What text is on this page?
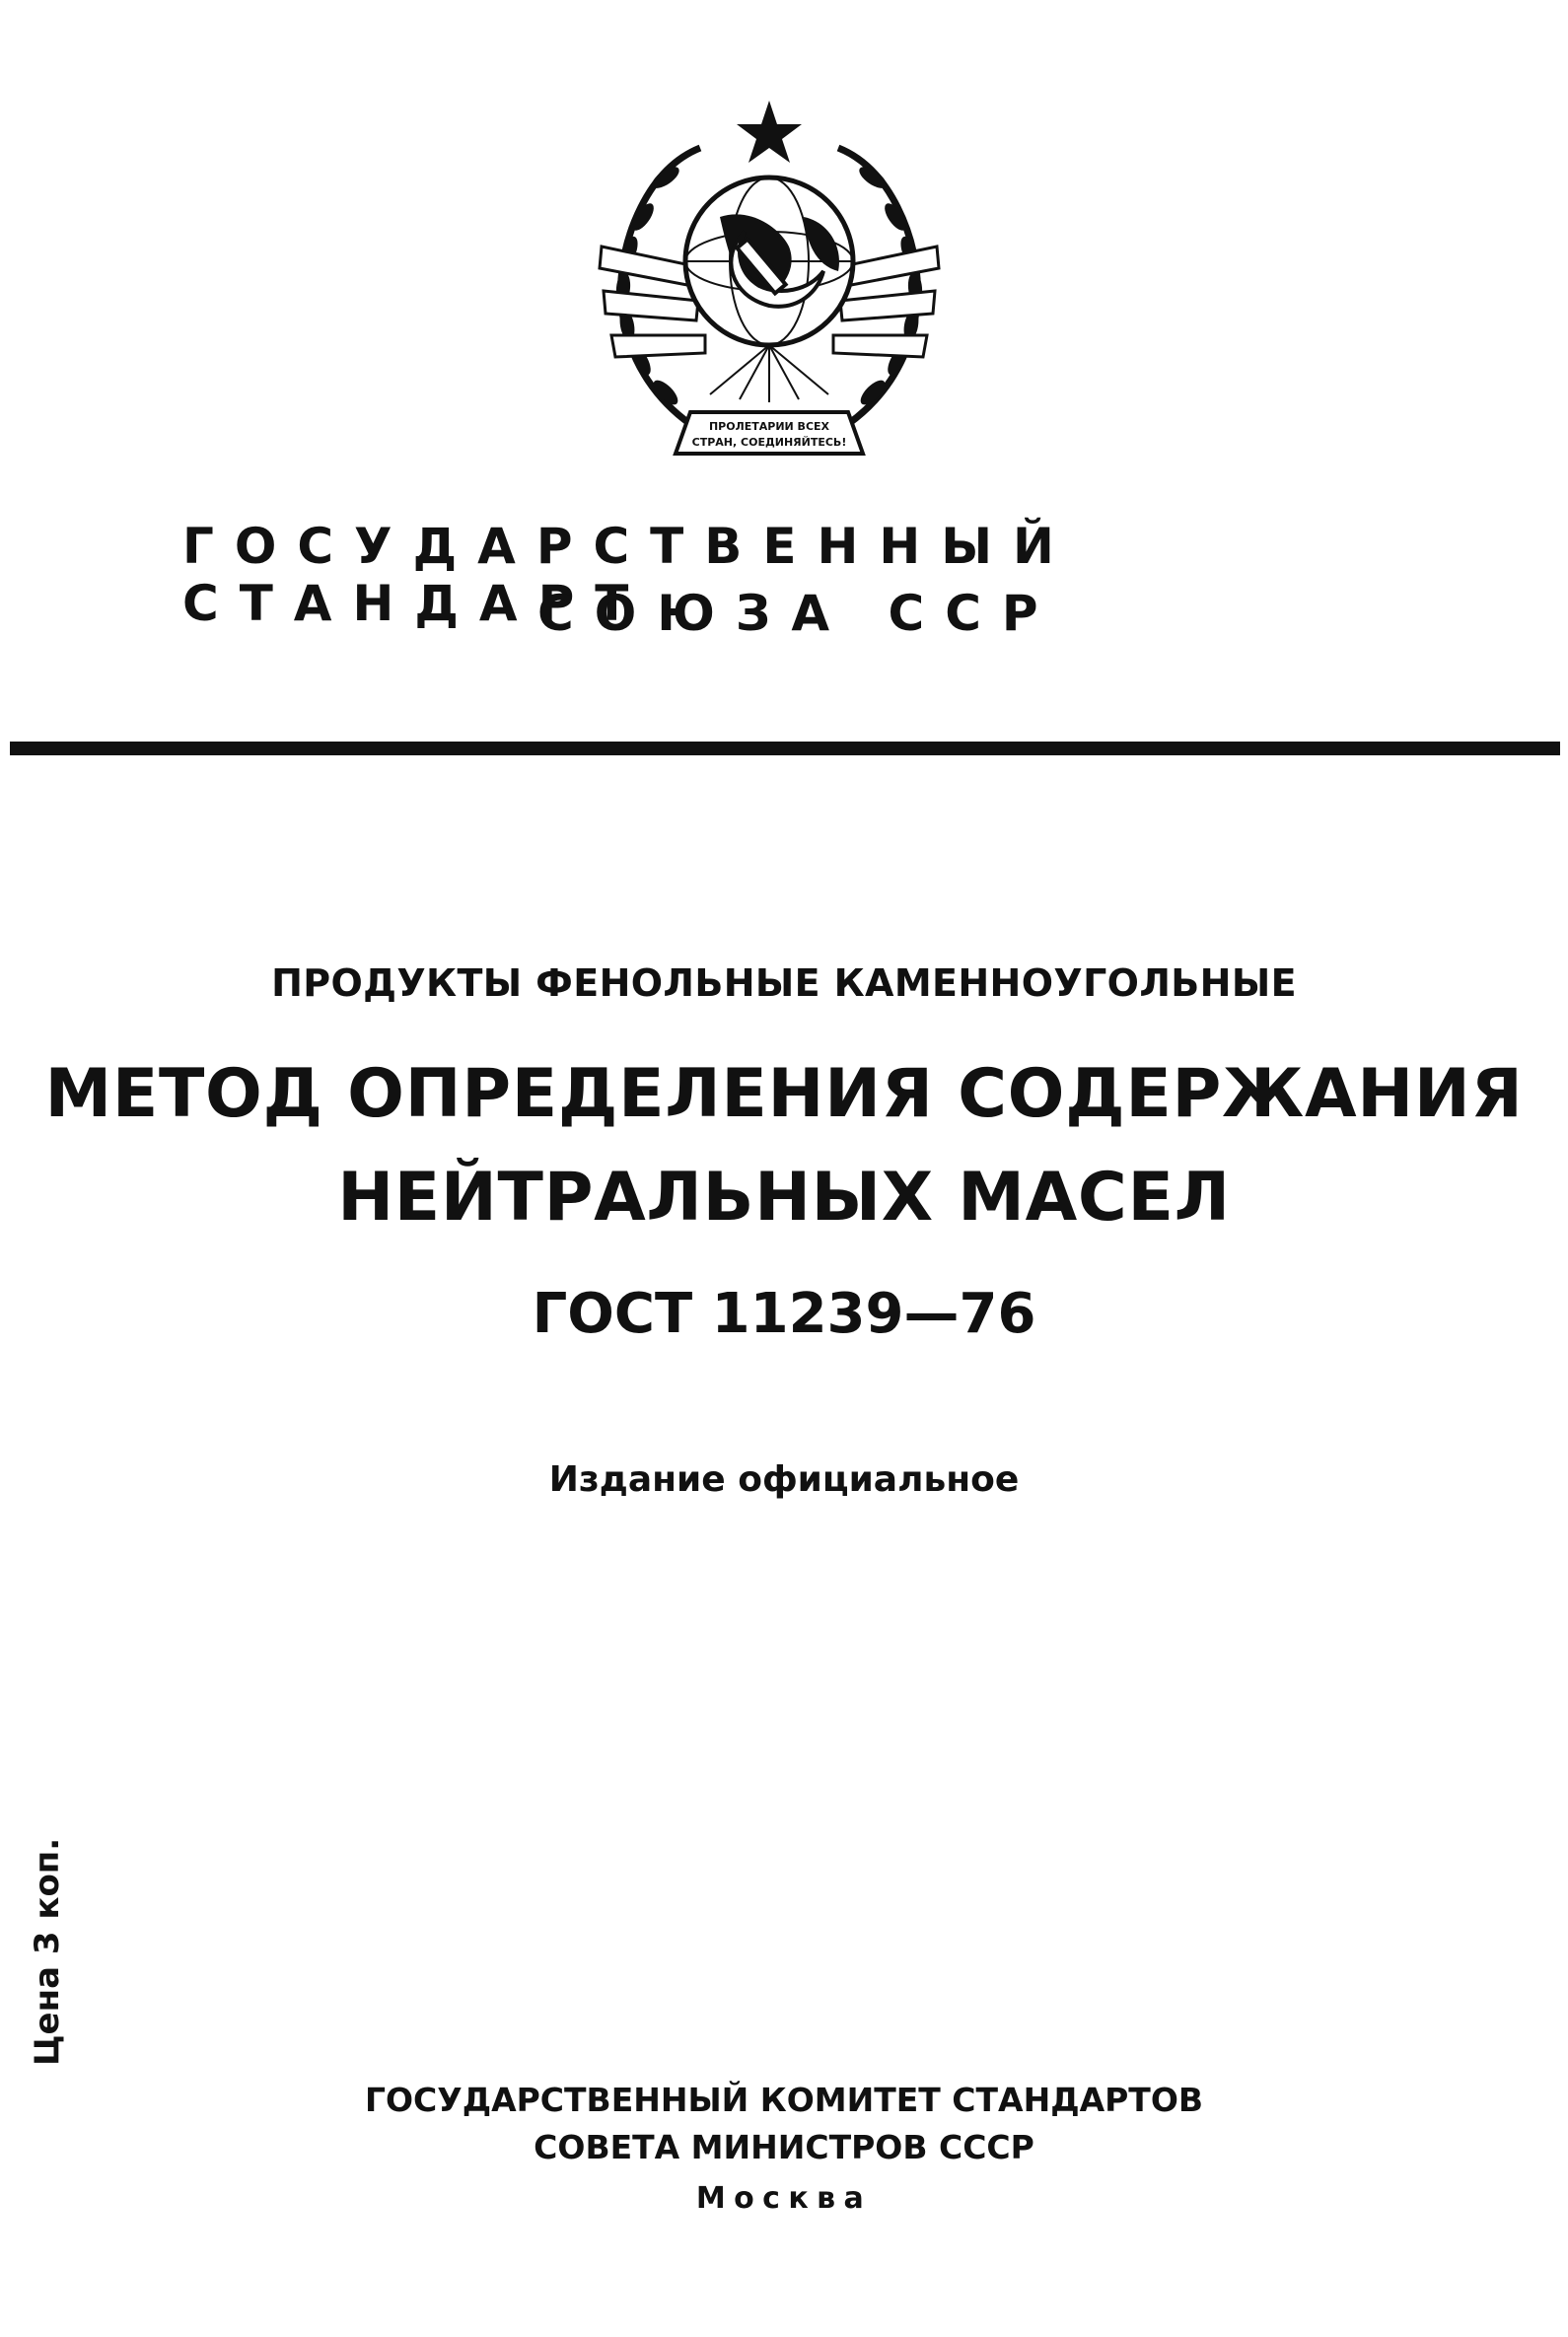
ПРОЛЕТАРИИ ВСЕХ
СТРАН, СОЕДИНЯЙТЕСЬ!
ГОСУДАРСТВЕННЫЙ СТАНДАРТ
СОЮЗА ССР
ПРОДУКТЫ ФЕНОЛЬНЫЕ КАМЕННОУГОЛЬНЫЕ
МЕТОД ОПРЕДЕЛЕНИЯ СОДЕРЖАНИЯ
НЕЙТРАЛЬНЫХ МАСЕЛ
ГОСТ 11239—76
Издание официальное
Цена 3 коп.
ГОСУДАРСТВЕННЫЙ КОМИТЕТ СТАНДАРТОВ
СОВЕТА МИНИСТРОВ СССР
Москва
